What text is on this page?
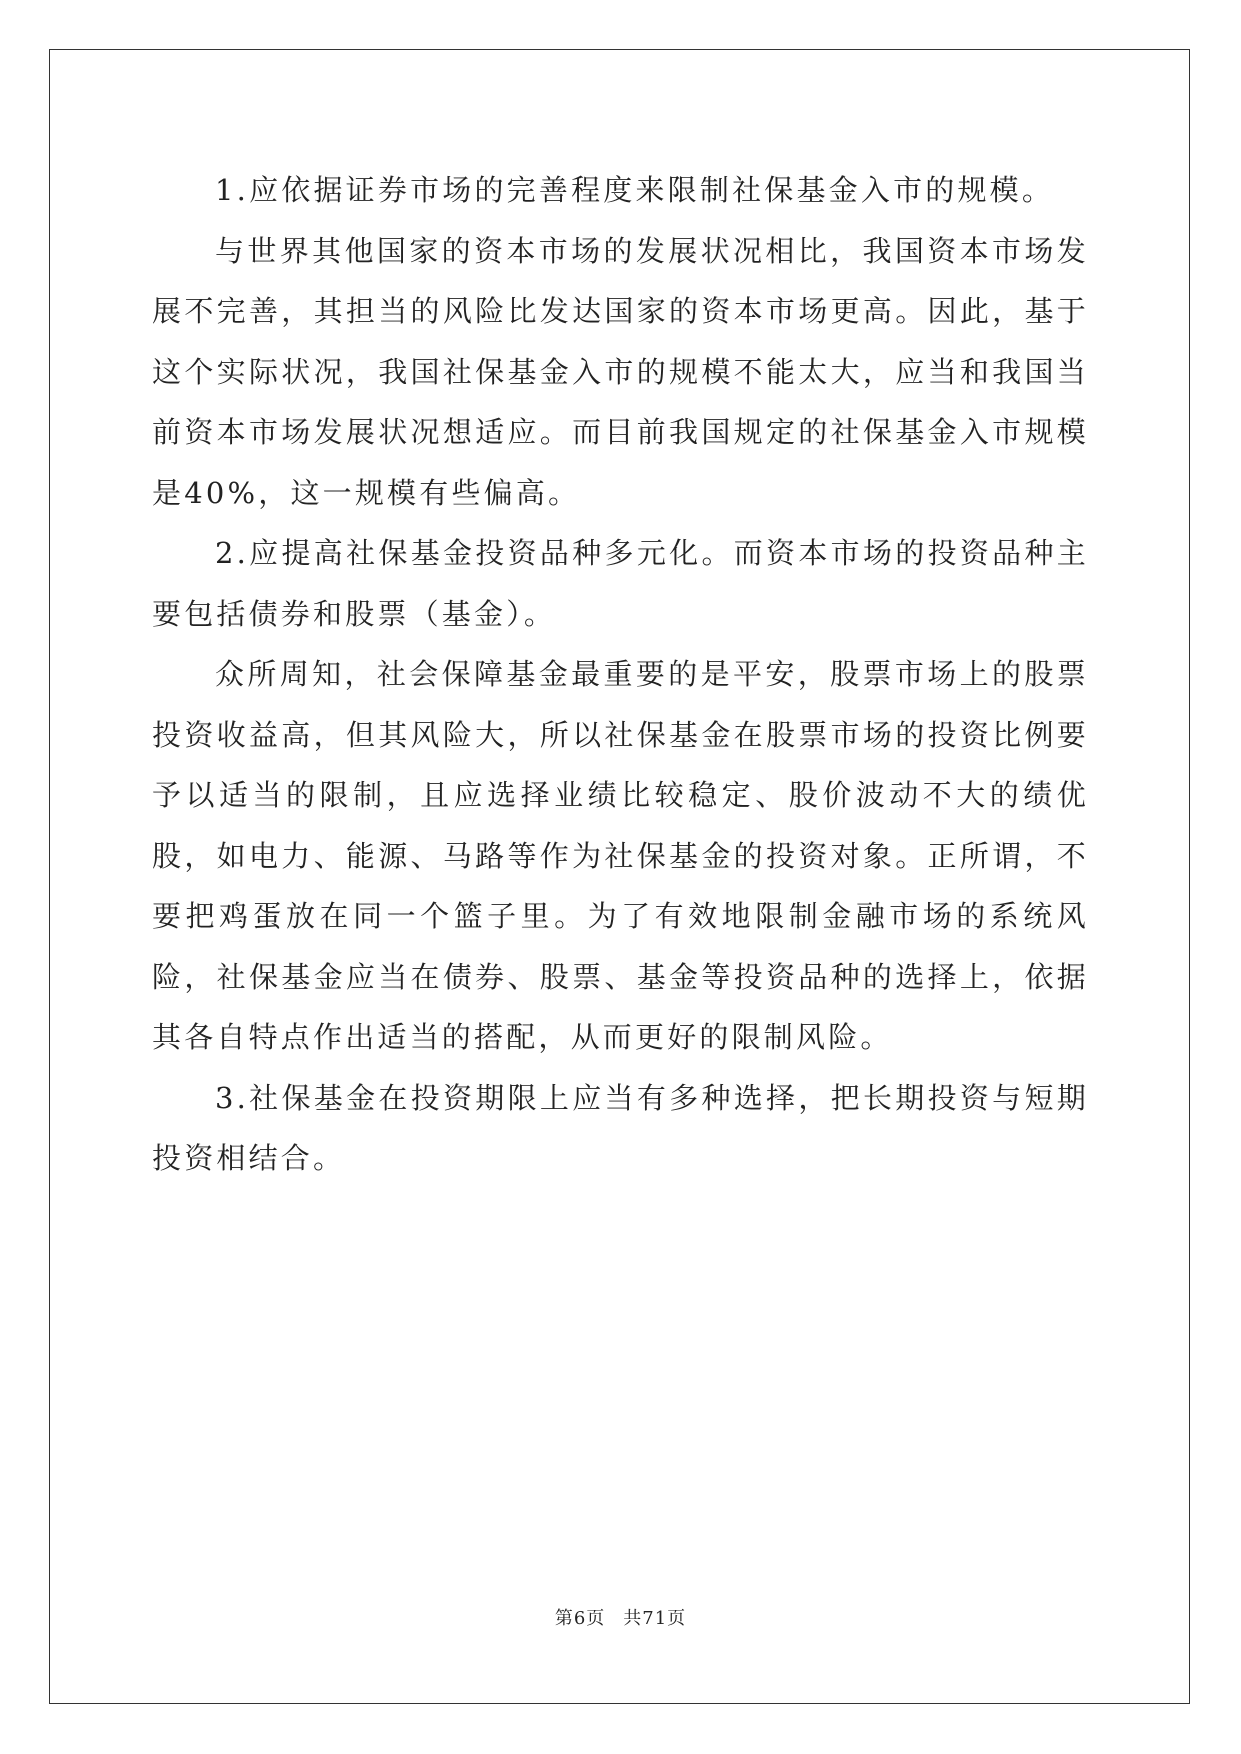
1.应依据证券市场的完善程度来限制社保基金入市的规模。

与世界其他国家的资本市场的发展状况相比，我国资本市场发展不完善，其担当的风险比发达国家的资本市场更高。因此，基于这个实际状况，我国社保基金入市的规模不能太大，应当和我国当前资本市场发展状况想适应。而目前我国规定的社保基金入市规模是40%，这一规模有些偏高。

2.应提高社保基金投资品种多元化。而资本市场的投资品种主要包括债券和股票（基金）。

众所周知，社会保障基金最重要的是平安，股票市场上的股票投资收益高，但其风险大，所以社保基金在股票市场的投资比例要予以适当的限制，且应选择业绩比较稳定、股价波动不大的绩优股，如电力、能源、马路等作为社保基金的投资对象。正所谓，不要把鸡蛋放在同一个篮子里。为了有效地限制金融市场的系统风险，社保基金应当在债券、股票、基金等投资品种的选择上，依据其各自特点作出适当的搭配，从而更好的限制风险。

3.社保基金在投资期限上应当有多种选择，把长期投资与短期投资相结合。

第6页 共71页
